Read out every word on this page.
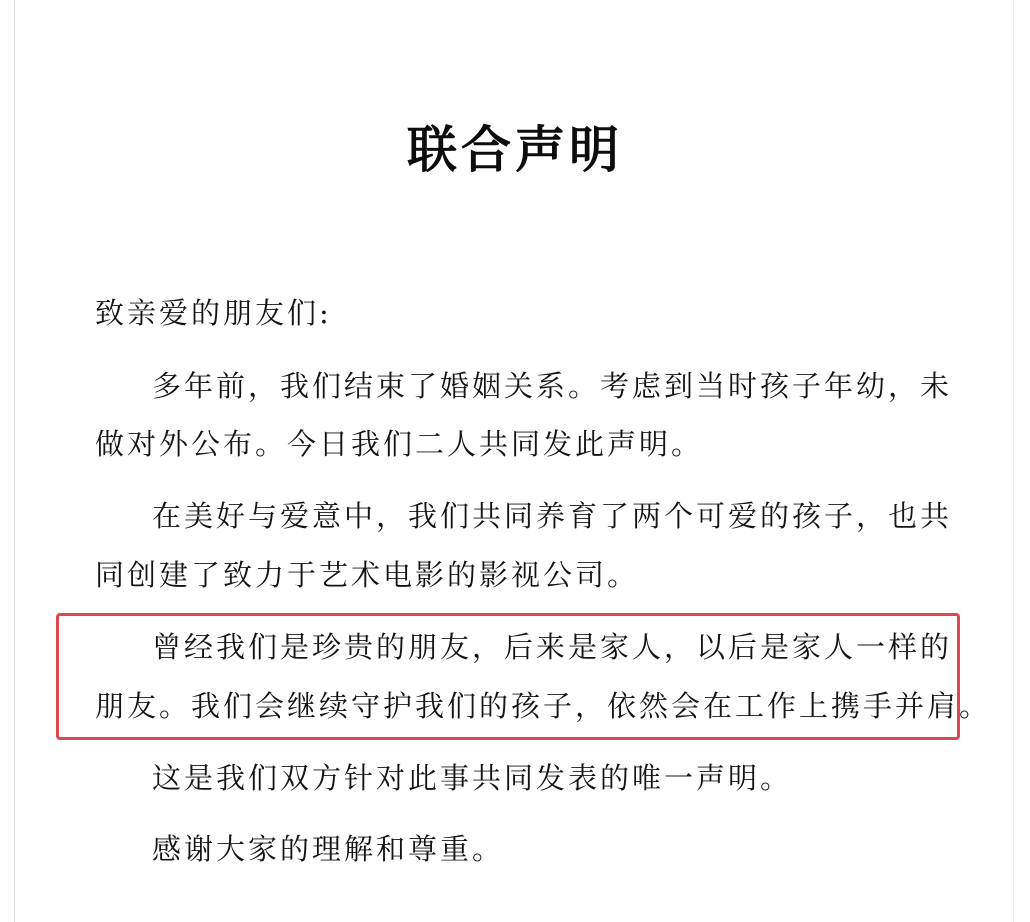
联合声明
致亲爱的朋友们:
多年前，我们结束了婚姻关系。考虑到当时孩子年幼，未
做对外公布。今日我们二人共同发此声明。
在美好与爱意中，我们共同养育了两个可爱的孩子，也共
同创建了致力于艺术电影的影视公司。
曾经我们是珍贵的朋友，后来是家人，以后是家人一样的
朋友。我们会继续守护我们的孩子，依然会在工作上携手并肩。
这是我们双方针对此事共同发表的唯一声明。
感谢大家的理解和尊重。
